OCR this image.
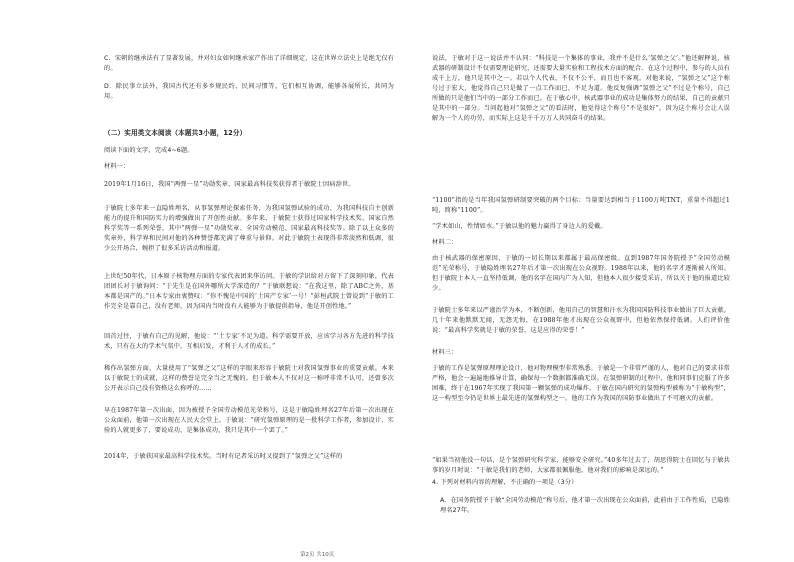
C．宋朝的继承法有了显著发展，并对妇女如何继承家产作出了详细规定，这在世界立法史上是绝无仅有的。

D．除民事立法外，我国古代还有多乡规民约、民间习惯等，它们相互协调，能够各展所长，共同为用。

（二）实用类文本阅读（本题共3小题，12分）

阅读下面的文字，完成4~6题。

材料一：

2019年1月16日，我国“两弹一星”功勋奖章、国家最高科技奖获得者于敏院士因病辞世。

于敏院士多年来一直隐姓埋名，从事氢弹理论探索任务，为我国氢弹试验的成功、为我国科技自主创新能力的提升和国防实力的增强做出了开创性贡献。多年来，于敏院士获得过国家科学技术奖、国家自然科学奖等一系列荣誉，其中“两弹一星”功勋奖章、全国劳动模范、国家最高科技奖等。除了以上众多的奖章外，科学界和民间对他的各种赞誉都充满了尊重与景仰。对此于敏院士表现得非常淡然和低调，很少公开场合，婉拒了很多采访活动和报道。

上世纪50年代，日本原子核物理方面的专家代表团来华访问。于敏的学识给对方留下了深刻印象，代表团团长对于敏询问：“于先生是在国外哪所大学深造的？”于敏联想说：“在我这里，除了ABC之外，基本都是国产的。”日本专家由衷赞叹：“你不愧是中国的‘土国产专家’一号！”彭桓武院士曾说到“于敏的工作完全是靠自己，没有老师，因为国内当时没有人能够为于敏提供指导，他是开创性地。”

回首过往，于敏有自己的见解，他说：“‘土专家’不足为道。科学需要开放，应该学习各方先进的科学技术，只有在大的学术气氛中，互相启发，才利于人才的成长。”

稀作出氢弹方面，大量使用了“氢弹之父”这样的字眼来形容于敏院士对我国氢弹事业的重要贡献。本来以于敏院士的成就，这样的赞誉是完全当之无愧的。但于敏本人不仅对这一称呼非常不认可，还曾多次公开表示自己没有资格这么称呼的……

早在1987年第一次出面，因为被授予全国劳动模范光荣称号，这是于敏隐姓埋名27年后第一次出现在公众面前，他第一次出现在人民大会堂上。于敏说：“研究氢弹原理的是一批科学工作者，参加设计、实验的人就更多了，要说成功，是集体成功，我只是其中一个罢了。”

2014年，于敏获国家最高科学技术奖。当时有记者采访时又提到了“氢弹之父”这样的

说法，于敏对于这一说法并不认同：“科技是一个集体的事业，我并不是什么‘氢弹之父’。”他还解释说，核武器的研制设计不仅需要理论研究，还需要大量实验和工程技术方面的配合。在这个过程中，参与的人员有成千上万，他只是其中之一。若以个人代表，不仅不公平，而且也不客观。对他来说，“氢弹之父”这个称号过于宏大，他觉得自己只是做了一点工作而已，不足为道。他反复强调“氢弹之父”不过是个称号，自己所做的只是他们当中的一部分工作而已。在于敏心中，核武器事业的成功是集体努力的结果，自己的贡献只是其中的一部分。当问起他对“氢弹之父”的看法时，他觉得这个称号“不是很好”。因为这个称号会让人误解为一个人的功劳，而实际上这是千千万万人共同奋斗的结果。

“1100”指的是当年我国氢弹研制要突破的两个目标：当量要达到相当于1100万吨TNT，重量不得超过1吨，简称“1100”。

“学术如山，性情如水。”于敏以他的魅力赢得了身边人的爱戴。

材料二：

由于核武器的保密原因，于敏的一切长期以来都属于最高保密级。直到1987年国务院授予“全国劳动模范”光荣称号，于敏隐姓埋名27年后才第一次出现在公众视野。1988年以来，他的名字才逐渐被人所知。但于敏院士本人一直坚持低调，他的名字在国内广为人知，但他本人很少接受采访，所以关于他的报道比较少。

于敏院士多年来以严谨治学为本，不断创新，他用自己的智慧和汗水为我国国防科技事业做出了巨大贡献。几十年来他默默无闻，无怨无悔，在1988年他才出现在公众视野中，但他依然保持低调。人们评价他说：“最高科学奖就是于敏的荣誉，这是应得的荣誉！”

材料三：

于敏的工作是氢弹原理理论设计，他对物理模型非常熟悉。于敏是一个非常严谨的人，他对自己的要求非常严格，他会一遍遍地推导计算，确保每一个数据都准确无误。在氢弹研制的过程中，他和同事们克服了许多困难，终于在1967年实现了我国第一颗氢弹的成功爆炸。于敏在国内研究的氢弹构型被称为“于敏构型”，这一构型至今仍是世界上最先进的氢弹构型之一。他的工作为我国的国防事业做出了不可磨灭的贡献。

“如果当初他没一句话，是个氢弹研究科学家，能够安全研究。”40多年过去了，胡思得院士在回忆与于敏共事的岁月时说：“于敏是我们的老师，大家都很佩服他，他对我们的影响是深远的。”

4. 下列对材料内容的理解，不正确的一项是（3分）

A．在国务院授予于敏“全国劳动模范”称号后，他才第一次出现在公众面前，此前由于工作性质，已隐姓埋名27年。

第2页 共10页
